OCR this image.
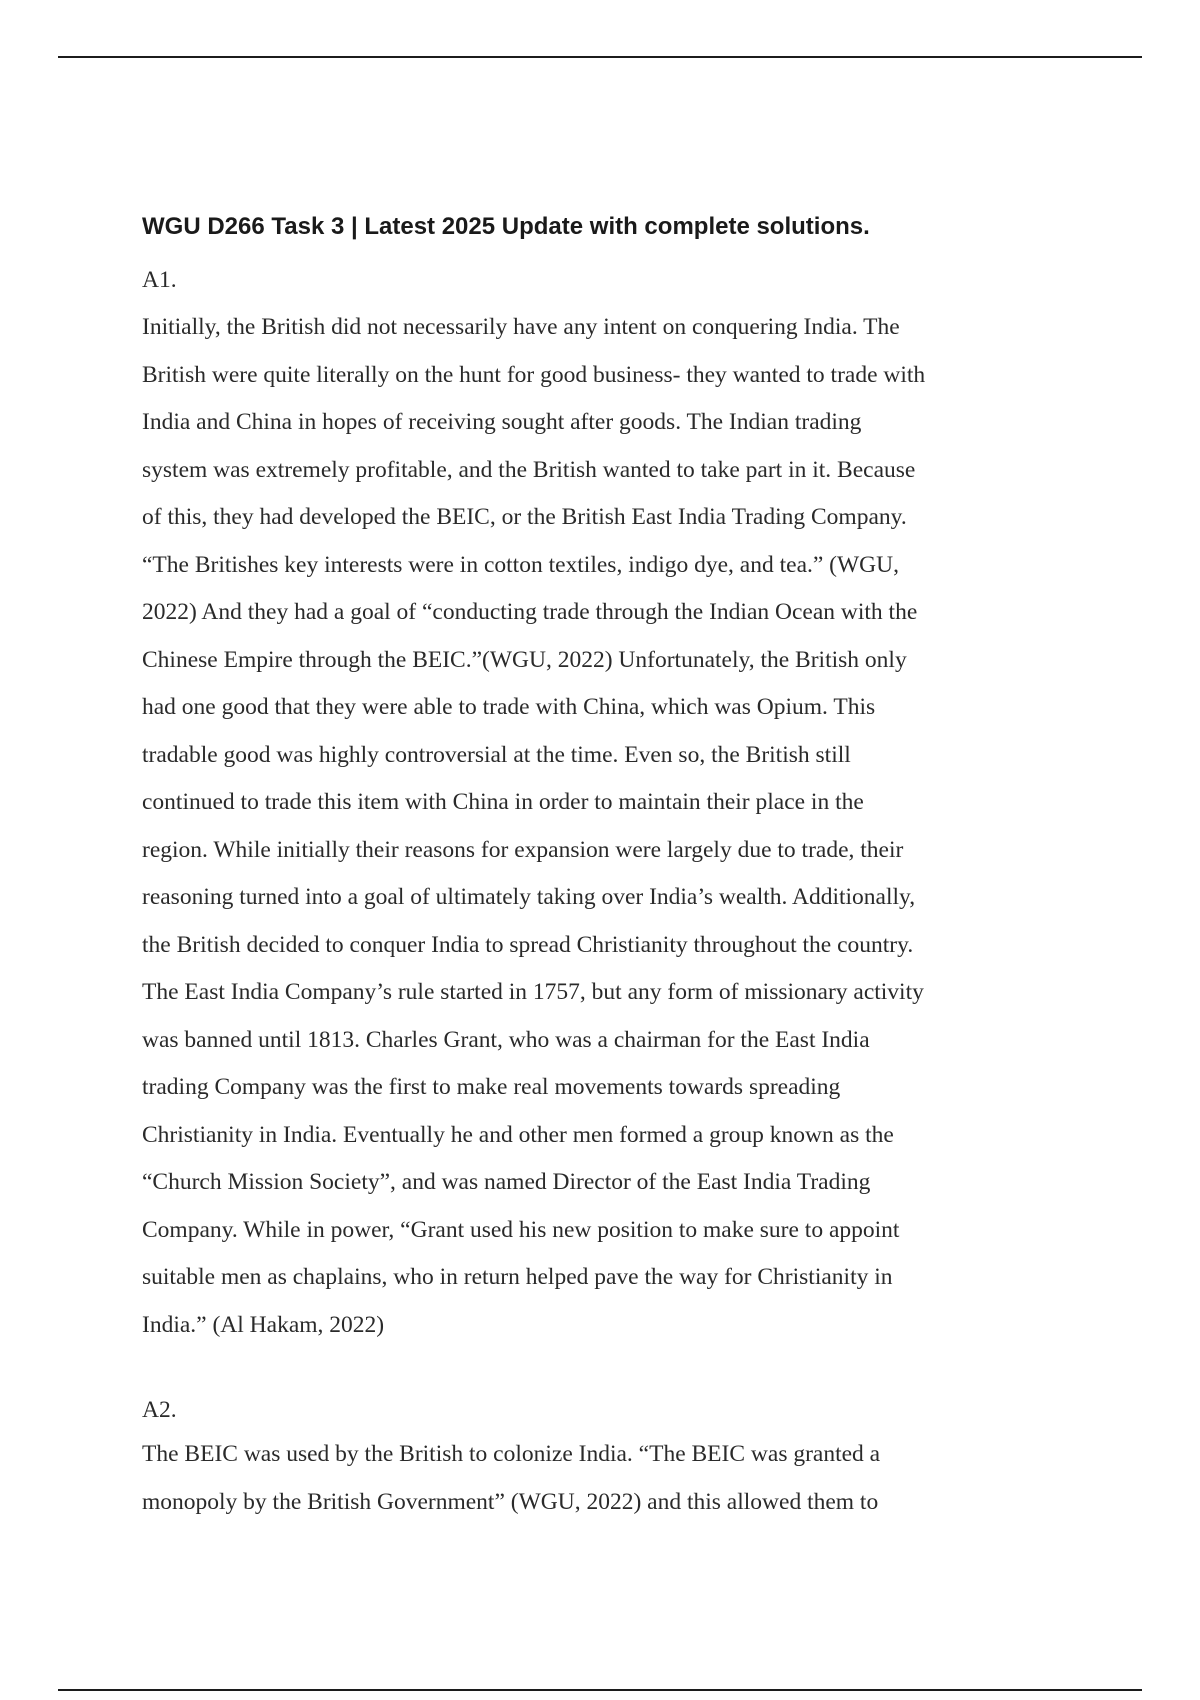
WGU D266 Task 3 | Latest 2025 Update with complete solutions.
A1.
Initially, the British did not necessarily have any intent on conquering India. The
British were quite literally on the hunt for good business- they wanted to trade with
India and China in hopes of receiving sought after goods. The Indian trading
system was extremely profitable, and the British wanted to take part in it. Because
of this, they had developed the BEIC, or the British East India Trading Company.
“The Britishes key interests were in cotton textiles, indigo dye, and tea.” (WGU,
2022) And they had a goal of “conducting trade through the Indian Ocean with the
Chinese Empire through the BEIC.”(WGU, 2022) Unfortunately, the British only
had one good that they were able to trade with China, which was Opium. This
tradable good was highly controversial at the time. Even so, the British still
continued to trade this item with China in order to maintain their place in the
region. While initially their reasons for expansion were largely due to trade, their
reasoning turned into a goal of ultimately taking over India’s wealth. Additionally,
the British decided to conquer India to spread Christianity throughout the country.
The East India Company’s rule started in 1757, but any form of missionary activity
was banned until 1813. Charles Grant, who was a chairman for the East India
trading Company was the first to make real movements towards spreading
Christianity in India. Eventually he and other men formed a group known as the
“Church Mission Society”, and was named Director of the East India Trading
Company. While in power, “Grant used his new position to make sure to appoint
suitable men as chaplains, who in return helped pave the way for Christianity in
India.” (Al Hakam, 2022)
A2.
The BEIC was used by the British to colonize India. “The BEIC was granted a
monopoly by the British Government” (WGU, 2022) and this allowed them to
